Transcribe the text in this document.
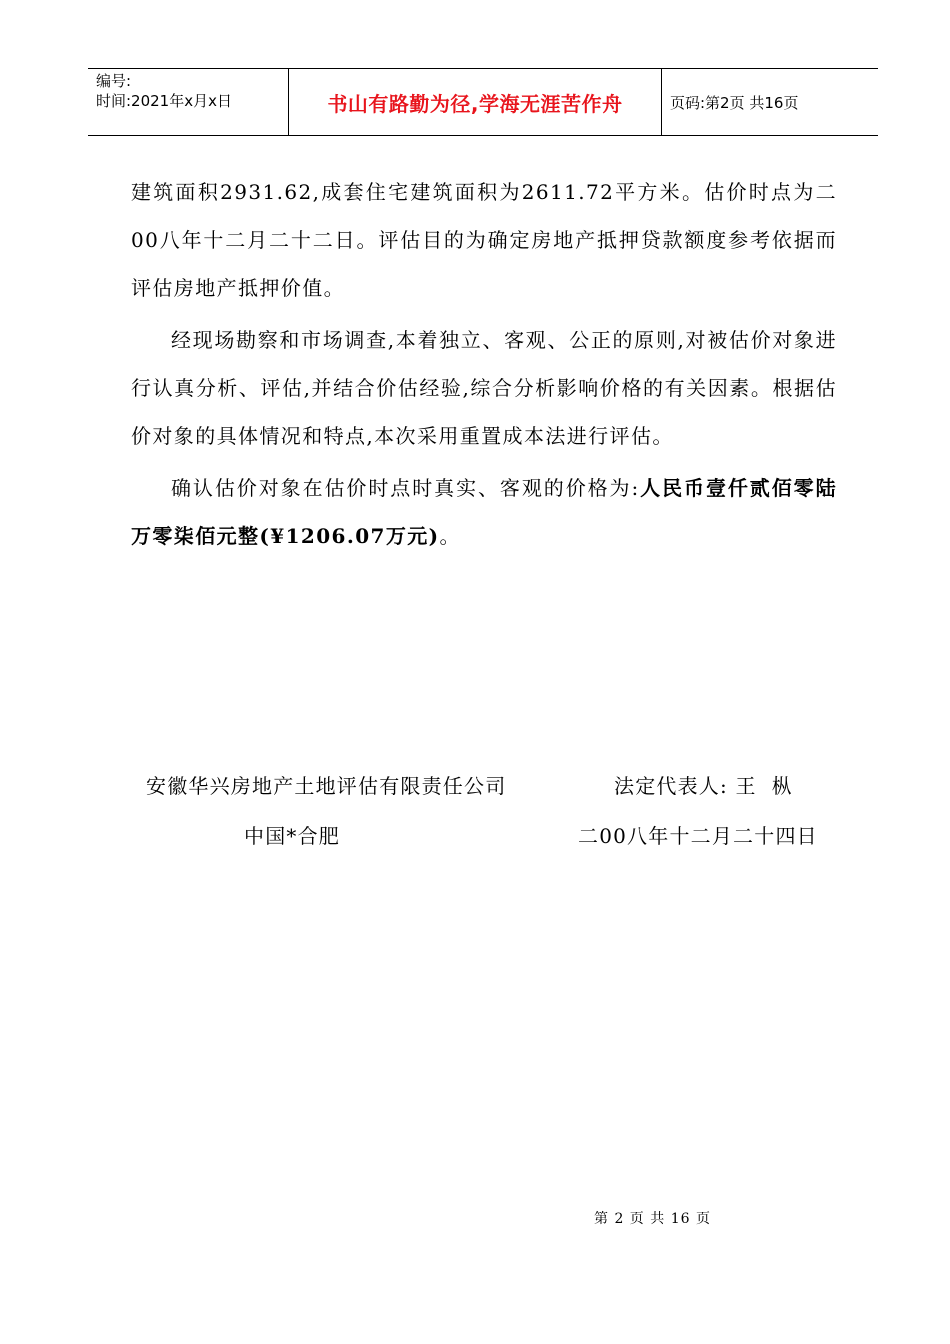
编号:
时间:2021年x月x日	书山有路勤为径,学海无涯苦作舟	页码:第2页 共16页

建筑面积2931.62,成套住宅建筑面积为2611.72平方米。估价时点为二00八年十二月二十二日。评估目的为确定房地产抵押贷款额度参考依据而评估房地产抵押价值。

经现场勘察和市场调查,本着独立、客观、公正的原则,对被估价对象进行认真分析、评估,并结合价估经验,综合分析影响价格的有关因素。根据估价对象的具体情况和特点,本次采用重置成本法进行评估。

确认估价对象在估价时点时真实、客观的价格为:人民币壹仟贰佰零陆万零柒佰元整(¥1206.07万元)。

安徽华兴房地产土地评估有限责任公司	法定代表人: 王  枞
中国*合肥	二00八年十二月二十四日
第 2 页 共 16 页
